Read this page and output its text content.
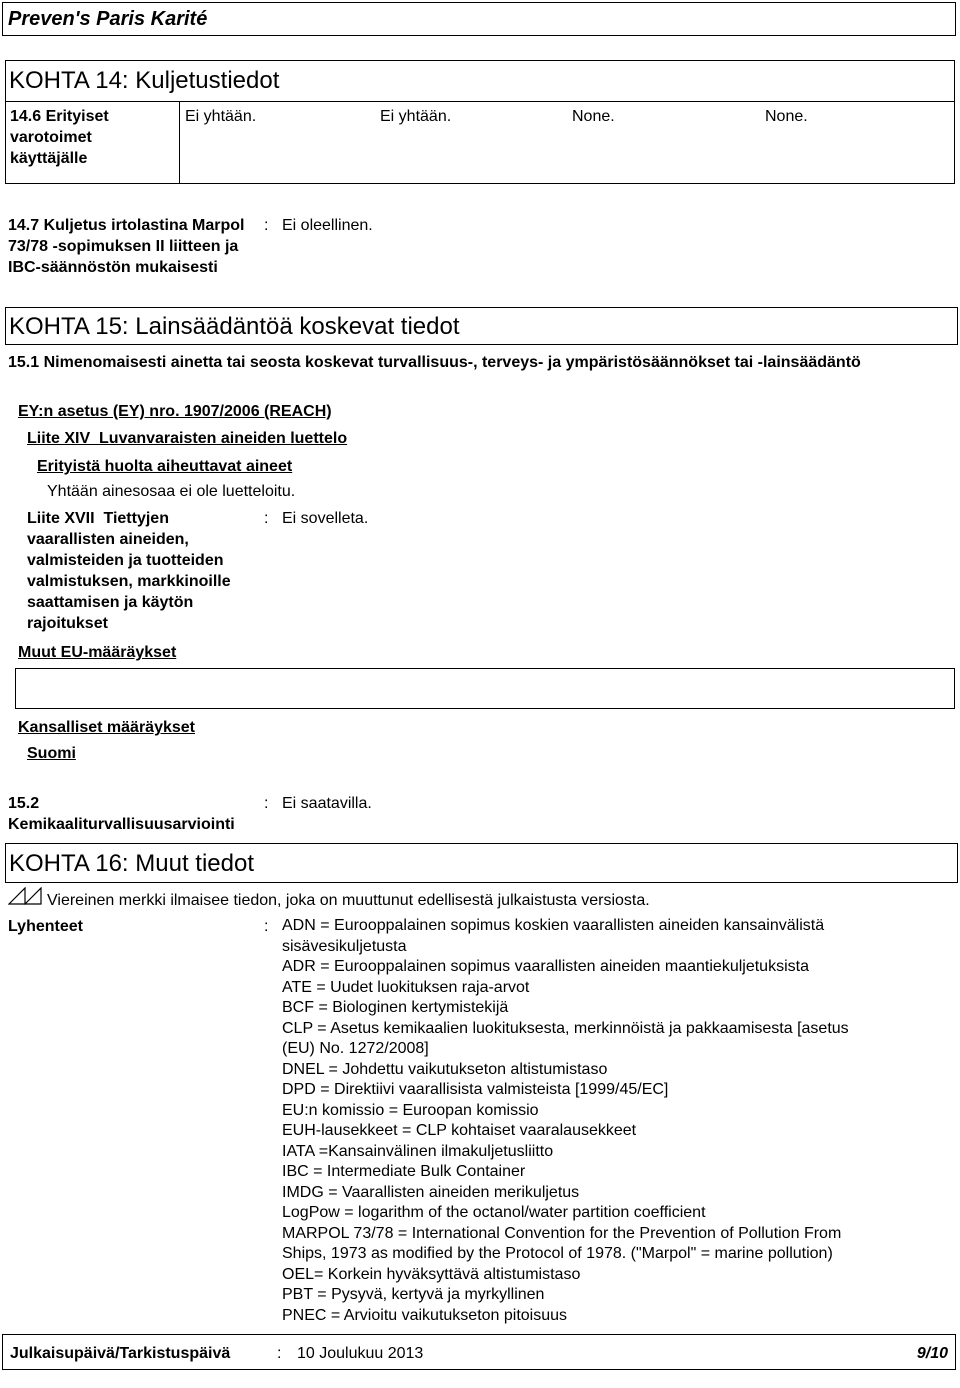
Preven's Paris Karité
KOHTA 14: Kuljetustiedot
14.6 Erityiset varotoimet käyttäjälle
Ei yhtään.	Ei yhtään.	None.	None.
14.7 Kuljetus irtolastina Marpol 73/78 -sopimuksen II liitteen ja IBC-säännöstön mukaisesti
: Ei oleellinen.
KOHTA 15: Lainsäädäntöä koskevat tiedot
15.1 Nimenomaisesti ainetta tai seosta koskevat turvallisuus-, terveys- ja ympäristösäännökset tai -lainsäädäntö
EY:n asetus (EY) nro. 1907/2006 (REACH)
Liite XIV  Luvanvaraisten aineiden luettelo
Erityistä huolta aiheuttavat aineet
Yhtään ainesosaa ei ole luetteloitu.
Liite XVII  Tiettyjen vaarallisten aineiden, valmisteiden ja tuotteiden valmistuksen, markkinoille saattamisen ja käytön rajoitukset
: Ei sovelleta.
Muut EU-määräykset
Kansalliset määräykset
Suomi
15.2 Kemikaaliturvallisuusarviointi
: Ei saatavilla.
KOHTA 16: Muut tiedot
Viereinen merkki ilmaisee tiedon, joka on muuttunut edellisestä julkaistusta versiosta.
Lyhenteet	: ADN = Eurooppalainen sopimus koskien vaarallisten aineiden kansainvälistä
sisävesikuljetusta
ADR = Eurooppalainen sopimus vaarallisten aineiden maantiekuljetuksista
ATE = Uudet luokituksen raja-arvot
BCF = Biologinen kertymistekijä
CLP = Asetus kemikaalien luokituksesta, merkinnöistä ja pakkaamisesta [asetus
(EU) No. 1272/2008]
DNEL = Johdettu vaikutukseton altistumistaso
DPD = Direktiivi vaarallisista valmisteista [1999/45/EC]
EU:n komissio = Euroopan komissio
EUH-lausekkeet = CLP kohtaiset vaaralausekkeet
IATA =Kansainvälinen ilmakuljetusliitto
IBC = Intermediate Bulk Container
IMDG = Vaarallisten aineiden merikuljetus
LogPow = logarithm of the octanol/water partition coefficient
MARPOL 73/78 = International Convention for the Prevention of Pollution From
Ships, 1973 as modified by the Protocol of 1978. ("Marpol" = marine pollution)
OEL= Korkein hyväksyttävä altistumistaso
PBT = Pysyvä, kertyvä ja myrkyllinen
PNEC = Arvioitu vaikutukseton pitoisuus
Julkaisupäivä/Tarkistuspäivä	: 10 Joulukuu 2013	9/10
